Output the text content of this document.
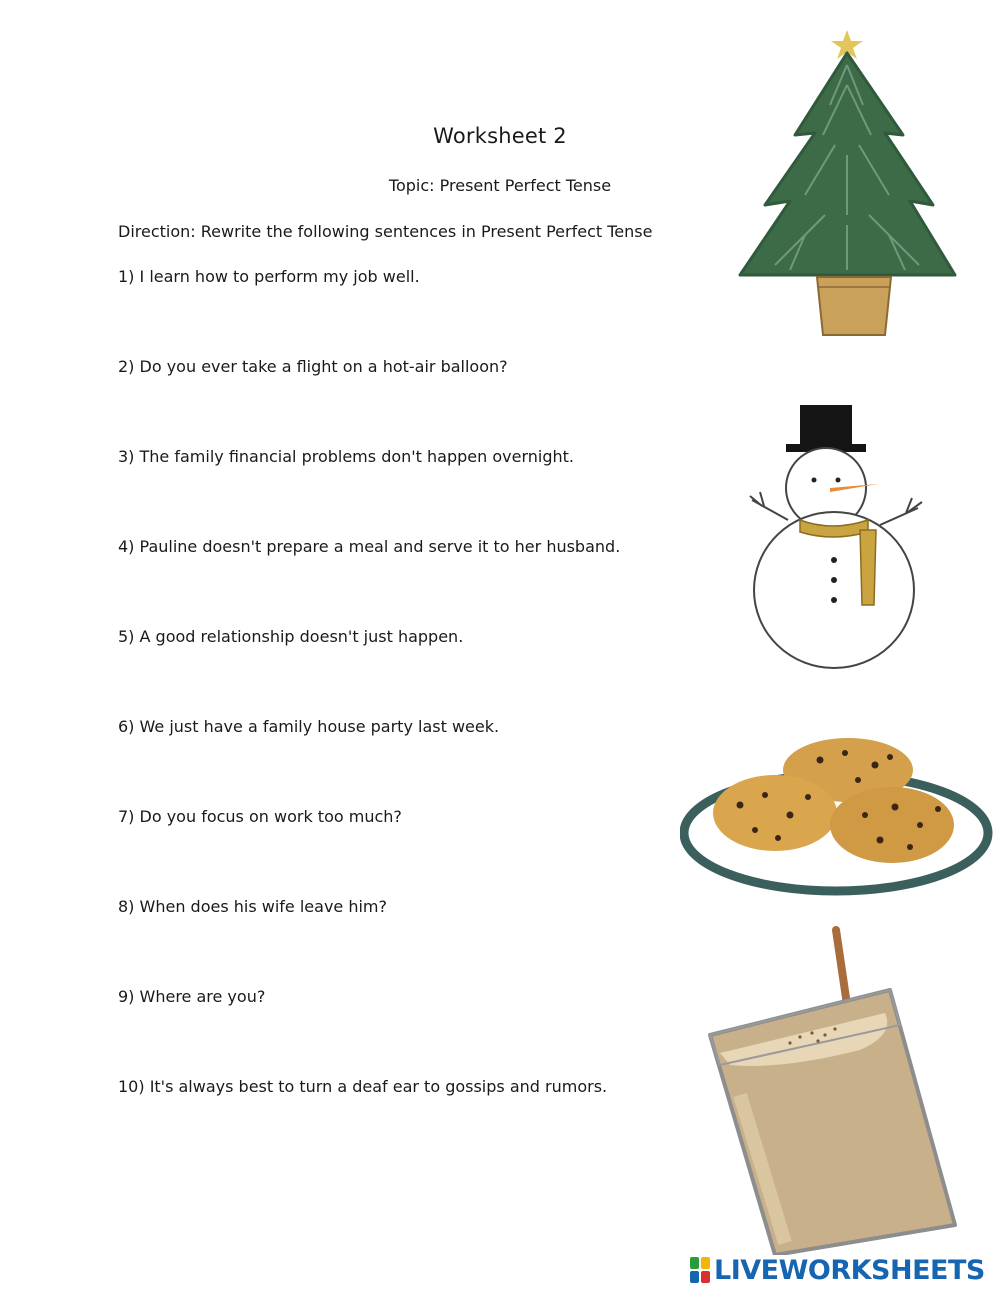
Worksheet 2
Topic: Present Perfect Tense
Direction: Rewrite the following sentences in Present Perfect Tense
1) I learn how to perform my job well.
2) Do you ever take a flight on a hot-air balloon?
3) The family financial problems don't happen overnight.
4) Pauline doesn't prepare a meal and serve it to her husband.
5) A good relationship doesn't just happen.
6) We just have a family house party last week.
7) Do you focus on work too much?
8) When does his wife leave him?
9) Where are you?
10) It's always best to turn a deaf ear to gossips and rumors.
LIVEWORKSHEETS
